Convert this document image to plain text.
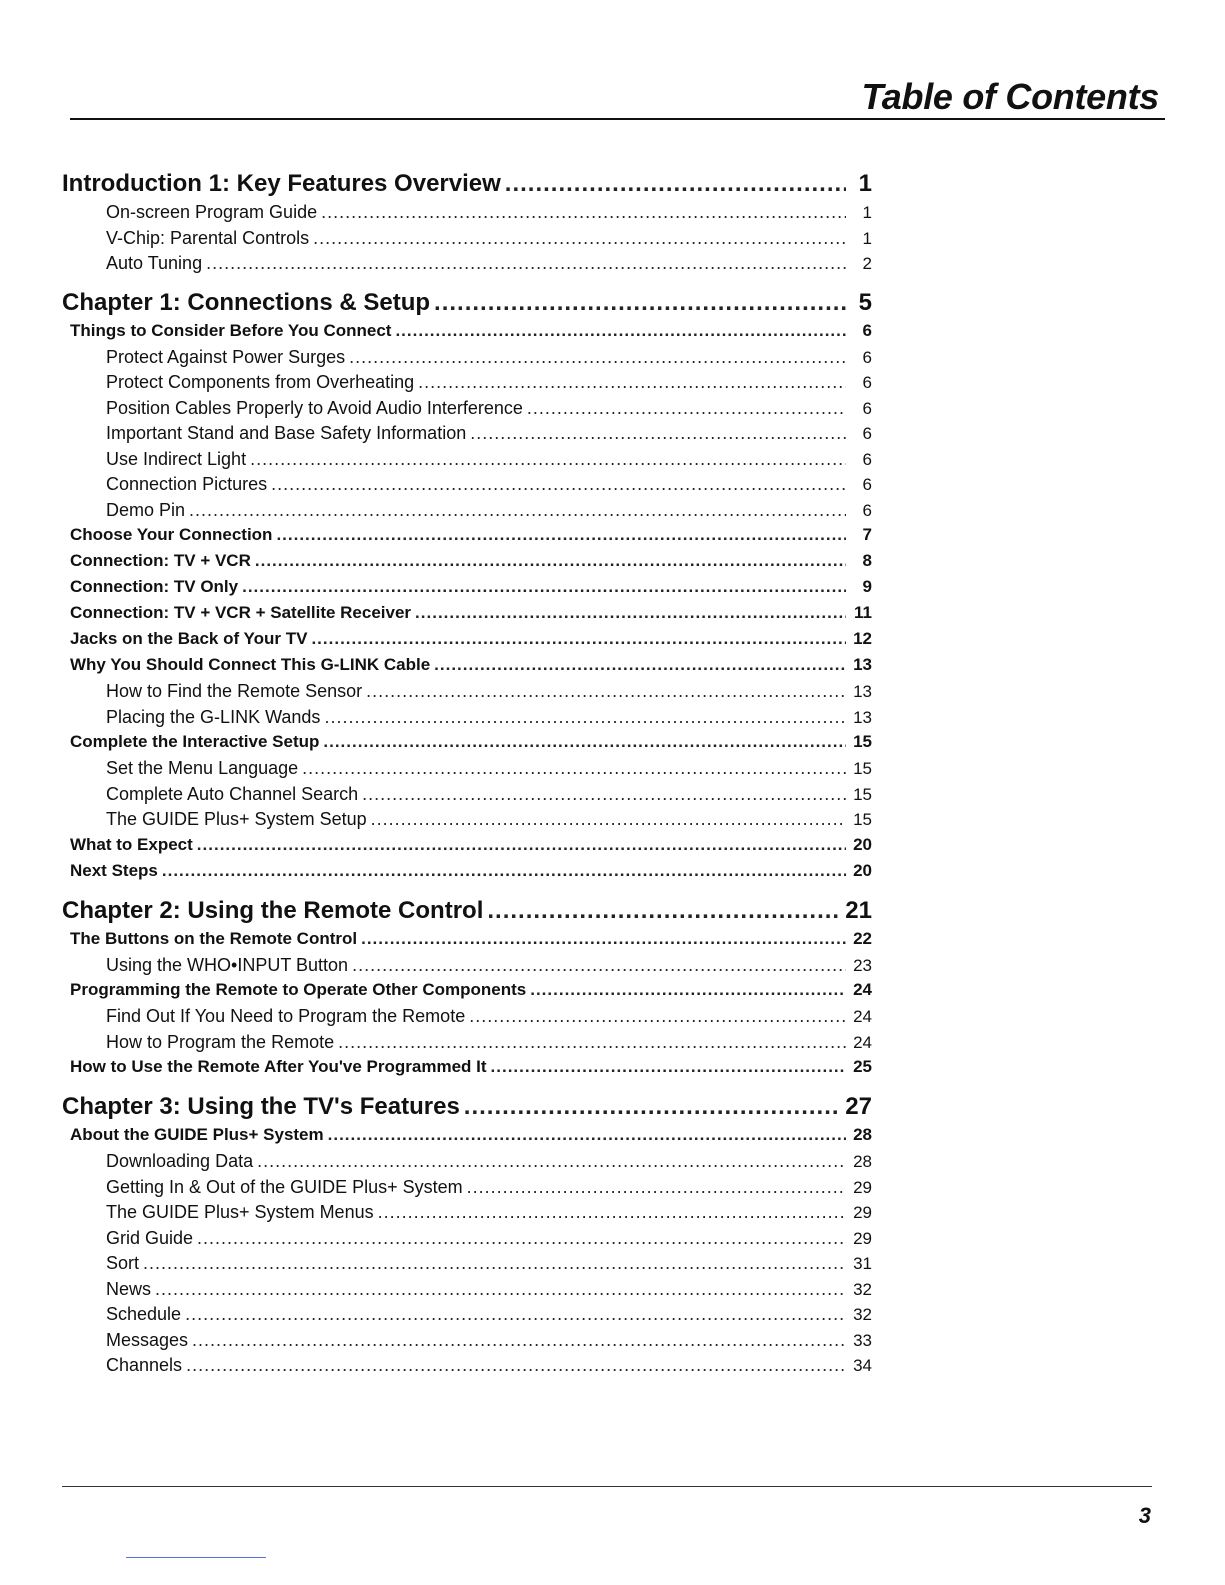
Table of Contents
Introduction 1: Key Features Overview .....	1
On-screen Program Guide .....	1
V-Chip: Parental Controls .....	1
Auto Tuning .....	2
Chapter 1: Connections & Setup .....	5
Things to Consider Before You Connect .....	6
Protect Against Power Surges .....	6
Protect Components from Overheating .....	6
Position Cables Properly to Avoid Audio Interference .....	6
Important Stand and Base Safety Information .....	6
Use Indirect Light .....	6
Connection Pictures .....	6
Demo Pin .....	6
Choose Your Connection .....	7
Connection: TV + VCR .....	8
Connection: TV Only .....	9
Connection: TV + VCR + Satellite Receiver .....	11
Jacks on the Back of Your TV .....	12
Why You Should Connect This G-LINK Cable .....	13
How to Find the Remote Sensor .....	13
Placing the G-LINK Wands .....	13
Complete the Interactive Setup .....	15
Set the Menu Language .....	15
Complete Auto Channel Search .....	15
The GUIDE Plus+ System Setup .....	15
What to Expect .....	20
Next Steps .....	20
Chapter 2: Using the Remote Control .....	21
The Buttons on the Remote Control .....	22
Using the WHO•INPUT Button .....	23
Programming the Remote to Operate Other Components .....	24
Find Out If You Need to Program the Remote .....	24
How to Program the Remote .....	24
How to Use the Remote After You've Programmed It .....	25
Chapter 3: Using the TV's Features .....	27
About the GUIDE Plus+ System .....	28
Downloading Data .....	28
Getting In & Out of the GUIDE Plus+ System .....	29
The GUIDE Plus+ System Menus .....	29
Grid Guide .....	29
Sort .....	31
News .....	32
Schedule .....	32
Messages .....	33
Channels .....	34
3
